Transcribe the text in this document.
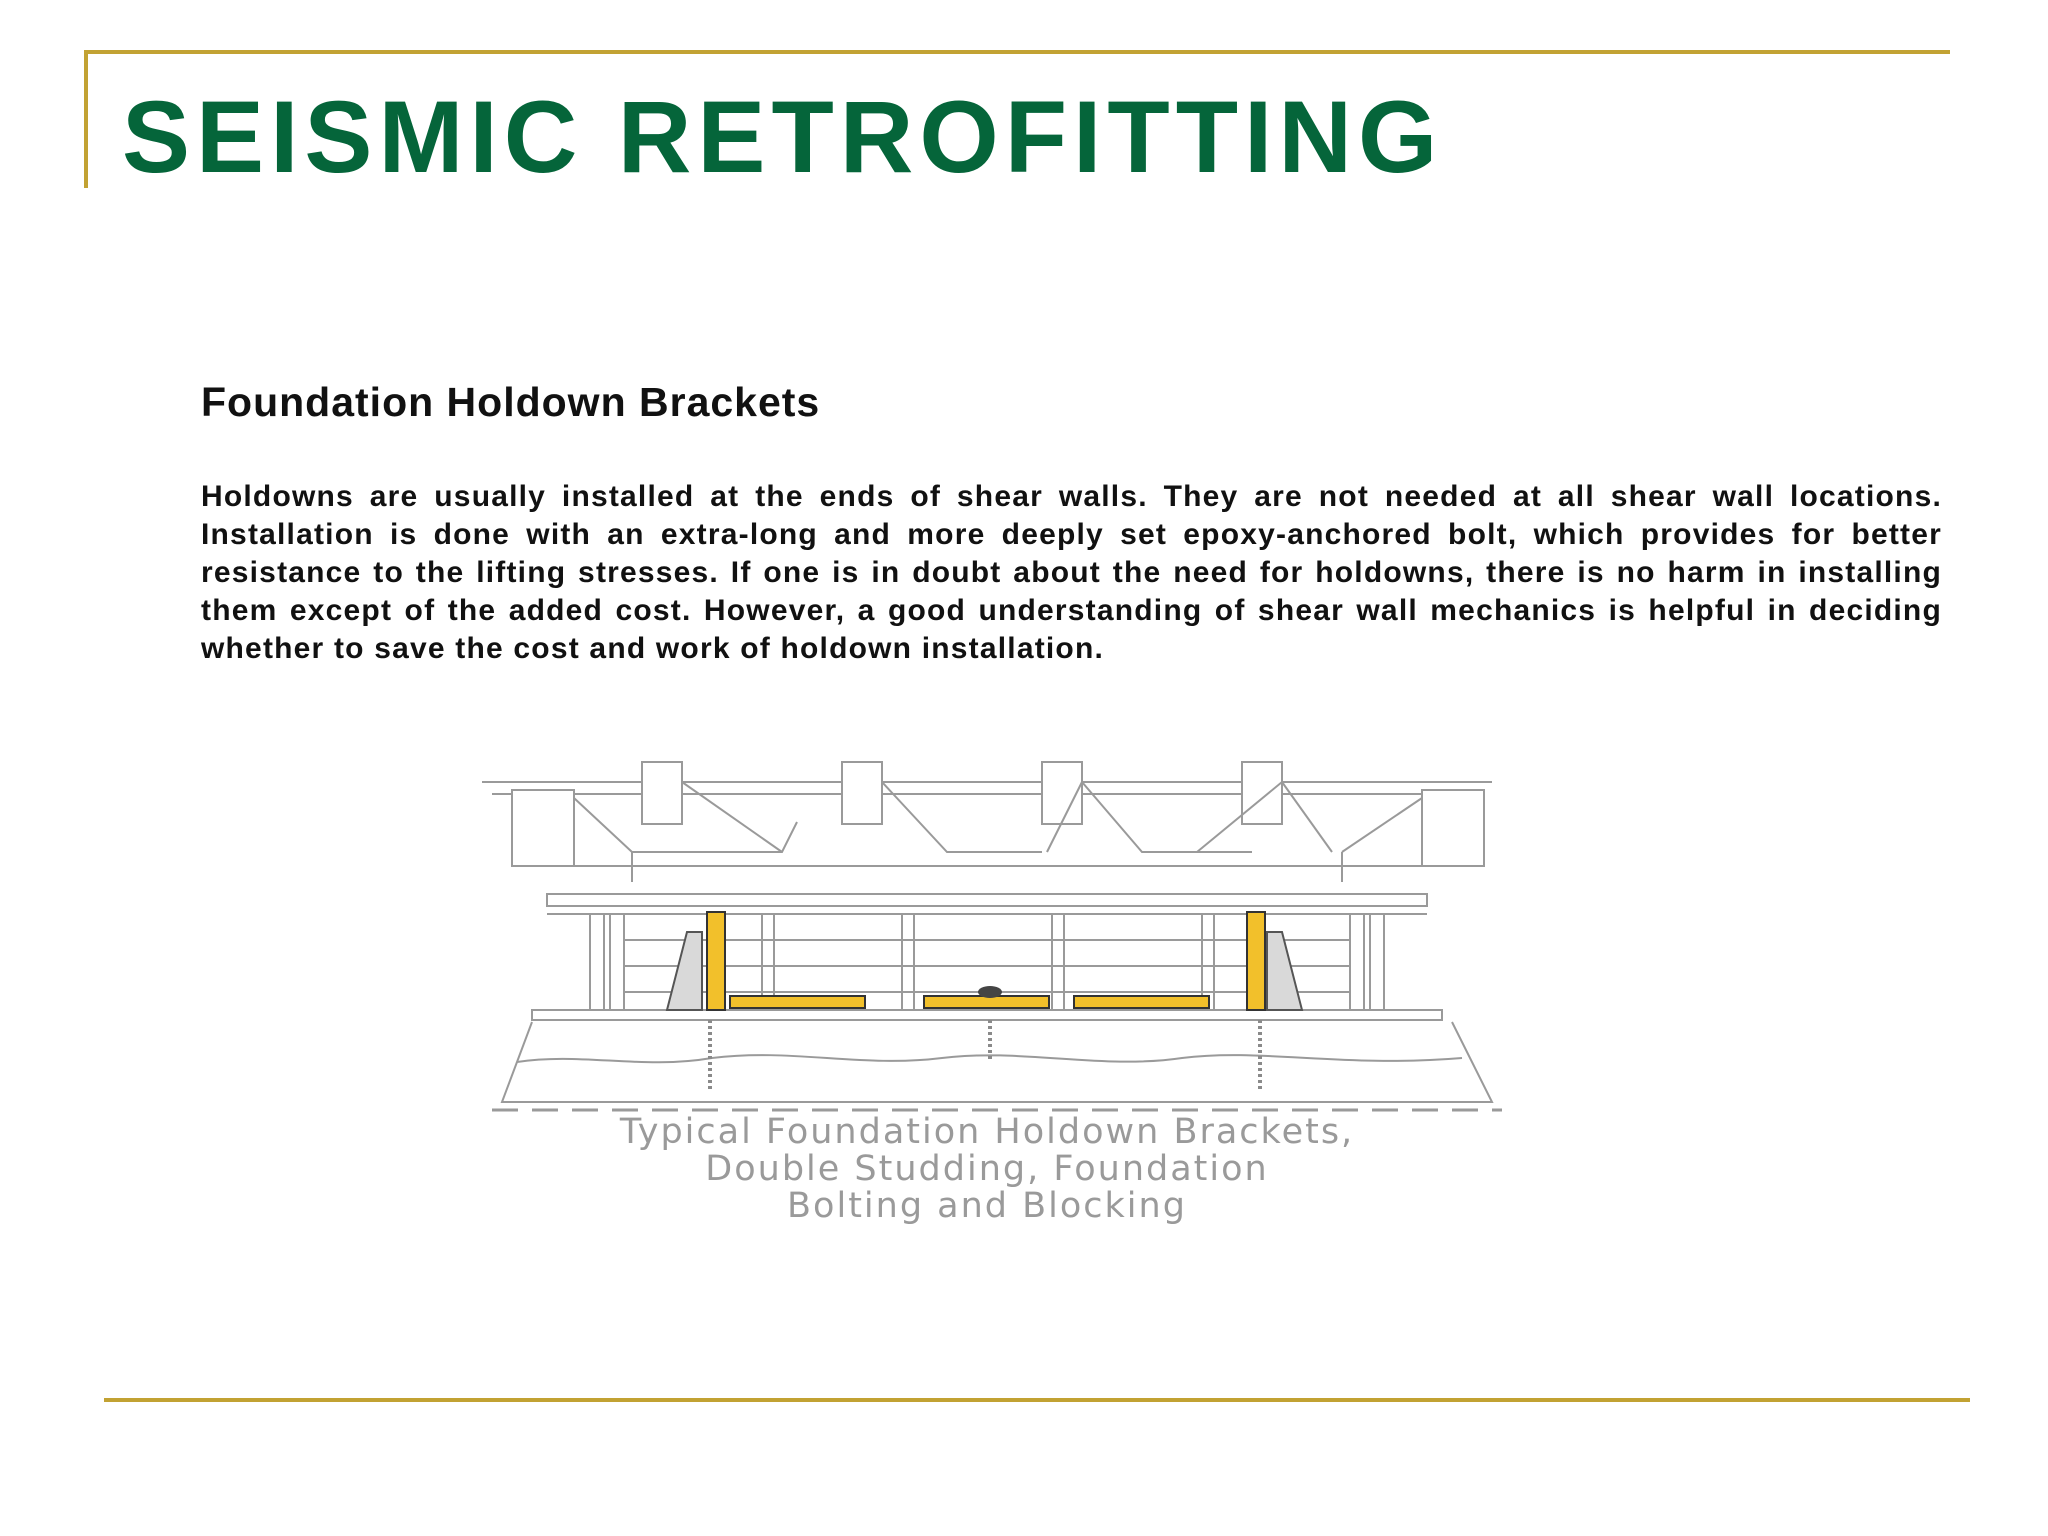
SEISMIC RETROFITTING
Foundation Holdown Brackets

Holdowns are usually installed at the ends of shear walls. They are not needed at all shear wall locations. Installation is done with an extra-long and more deeply set epoxy-anchored bolt, which provides for better resistance to the lifting stresses. If one is in doubt about the need for holdowns, there is no harm in installing them except of the added cost. However, a good understanding of shear wall mechanics is helpful in deciding whether to save the cost and work of holdown installation.

Typical Foundation Holdown Brackets,
Double Studding, Foundation
Bolting and Blocking
